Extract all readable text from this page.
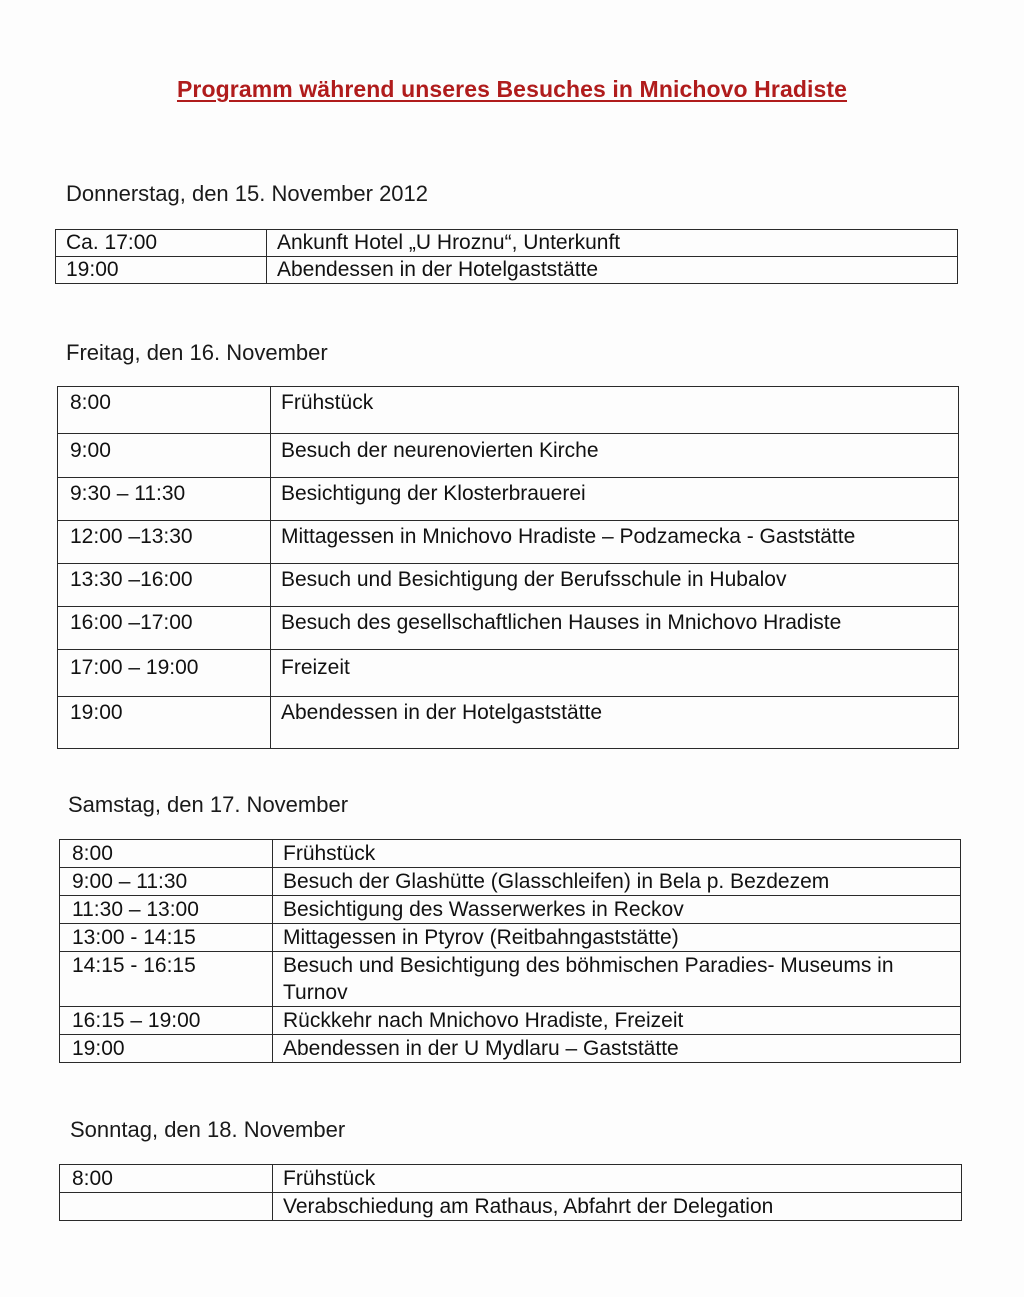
Programm während unseres Besuches in Mnichovo Hradiste
Donnerstag, den 15. November 2012
Ca. 17:00	Ankunft Hotel „U Hroznu“, Unterkunft
19:00	Abendessen in der Hotelgaststätte
Freitag, den 16. November
8:00	Frühstück
9:00	Besuch der neurenovierten Kirche
9:30 – 11:30	Besichtigung der Klosterbrauerei
12:00 –13:30	Mittagessen in Mnichovo Hradiste – Podzamecka - Gaststätte
13:30 –16:00	Besuch und Besichtigung der Berufsschule in Hubalov
16:00 –17:00	Besuch des gesellschaftlichen Hauses in Mnichovo Hradiste
17:00 – 19:00	Freizeit
19:00	Abendessen in der Hotelgaststätte
Samstag, den 17. November
8:00	Frühstück
9:00 – 11:30	Besuch der Glashütte (Glasschleifen) in Bela p. Bezdezem
11:30 – 13:00	Besichtigung des Wasserwerkes in Reckov
13:00 - 14:15	Mittagessen in Ptyrov (Reitbahngaststätte)
14:15 - 16:15	Besuch und Besichtigung des böhmischen Paradies- Museums in Turnov
16:15 – 19:00	Rückkehr nach Mnichovo Hradiste, Freizeit
19:00	Abendessen in der U Mydlaru – Gaststätte
Sonntag, den 18. November
8:00	Frühstück
	Verabschiedung am Rathaus, Abfahrt der Delegation
